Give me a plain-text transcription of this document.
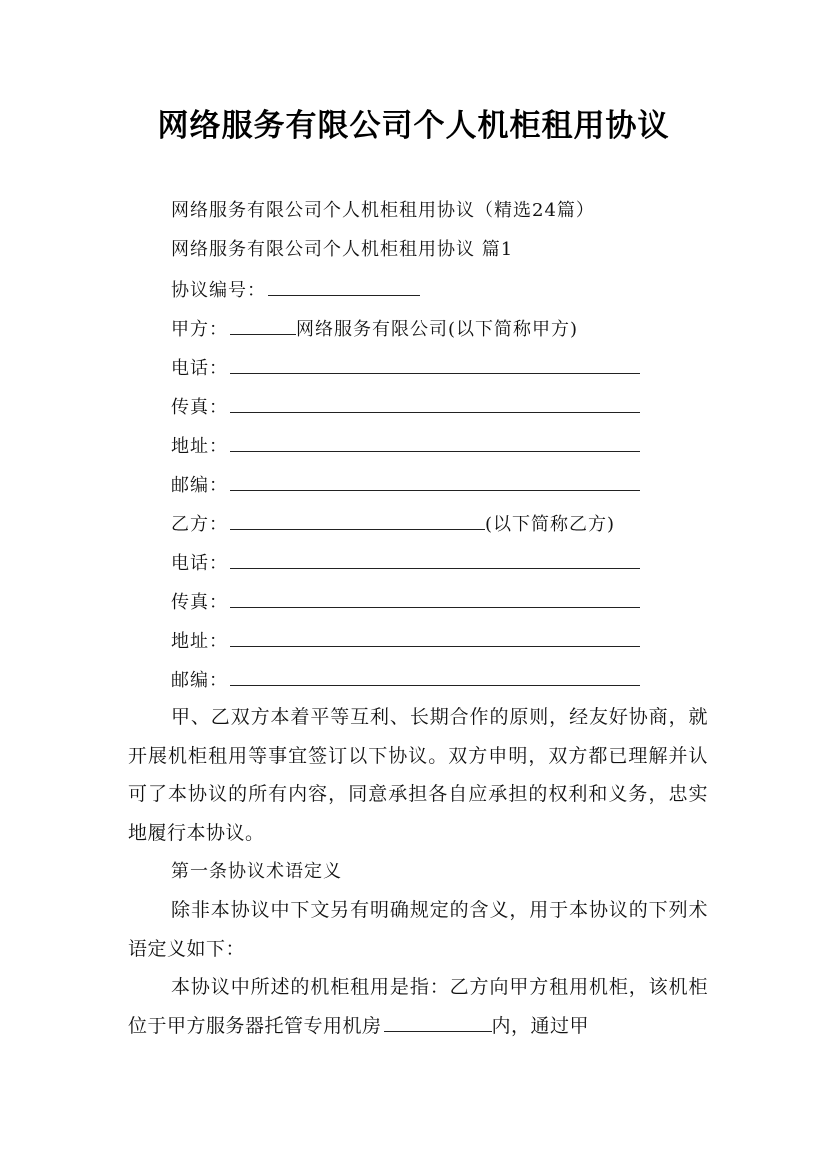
网络服务有限公司个人机柜租用协议
网络服务有限公司个人机柜租用协议（精选24篇）
网络服务有限公司个人机柜租用协议 篇1
协议编号：
甲方：	网络服务有限公司(以下简称甲方)
电话：
传真：
地址：
邮编：
乙方：	(以下简称乙方)
电话：
传真：
地址：
邮编：
甲、乙双方本着平等互利、长期合作的原则，经友好协商，就开展机柜租用等事宜签订以下协议。双方申明，双方都已理解并认可了本协议的所有内容，同意承担各自应承担的权利和义务，忠实地履行本协议。
第一条协议术语定义
除非本协议中下文另有明确规定的含义，用于本协议的下列术语定义如下：
本协议中所述的机柜租用是指：乙方向甲方租用机柜，该机柜位于甲方服务器托管专用机房	内，通过甲
